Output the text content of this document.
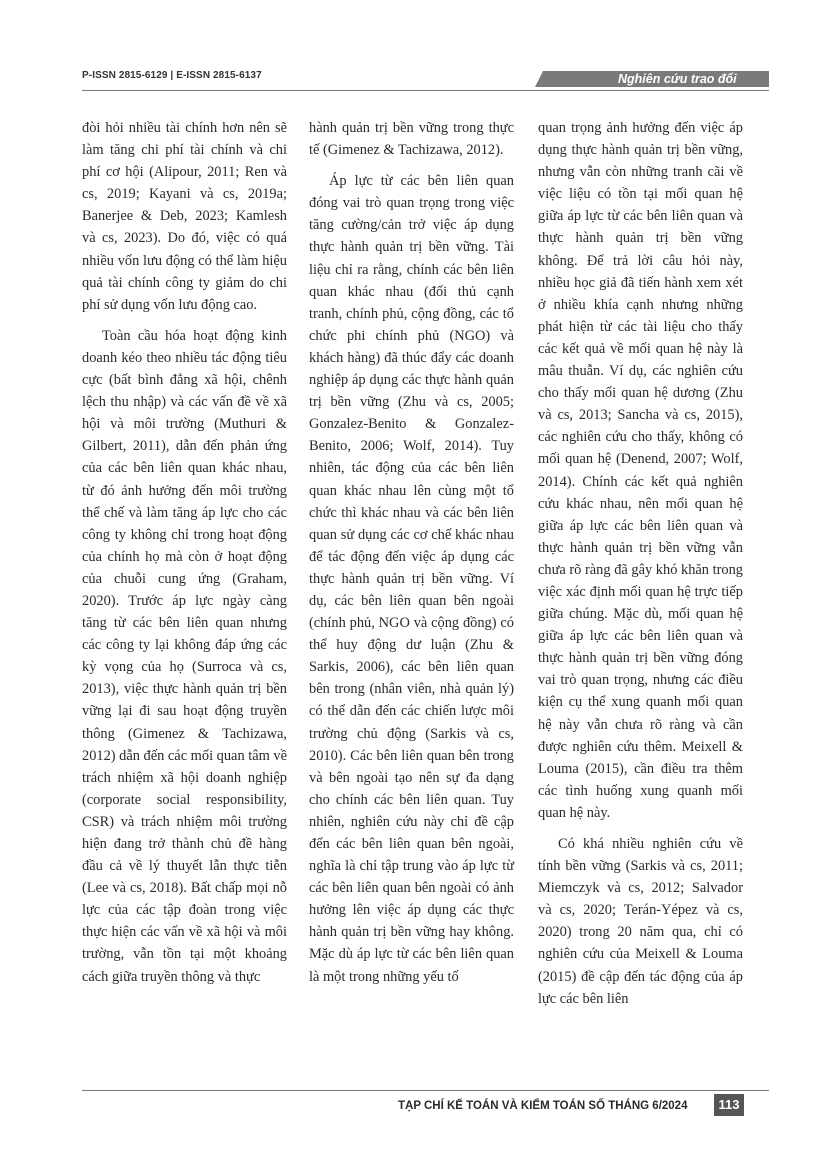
P-ISSN 2815-6129 | E-ISSN 2815-6137	Nghiên cứu trao đổi

đòi hỏi nhiều tài chính hơn nên sẽ làm tăng chi phí tài chính và chi phí cơ hội (Alipour, 2011; Ren và cs, 2019; Kayani và cs, 2019a; Banerjee & Deb, 2023; Kamlesh và cs, 2023). Do đó, việc có quá nhiều vốn lưu động có thể làm hiệu quả tài chính công ty giảm do chi phí sử dụng vốn lưu động cao.

Toàn cầu hóa hoạt động kinh doanh kéo theo nhiều tác động tiêu cực (bất bình đẳng xã hội, chênh lệch thu nhập) và các vấn đề về xã hội và môi trường (Muthuri & Gilbert, 2011), dẫn đến phản ứng của các bên liên quan khác nhau, từ đó ảnh hưởng đến môi trường thể chế và làm tăng áp lực cho các công ty không chỉ trong hoạt động của chính họ mà còn ở hoạt động của chuỗi cung ứng (Graham, 2020). Trước áp lực ngày càng tăng từ các bên liên quan nhưng các công ty lại không đáp ứng các kỳ vọng của họ (Surroca và cs, 2013), việc thực hành quản trị bền vững lại đi sau hoạt động truyền thông (Gimenez & Tachizawa, 2012) dẫn đến các mối quan tâm về trách nhiệm xã hội doanh nghiệp (corporate social responsibility, CSR) và trách nhiệm môi trường hiện đang trở thành chủ đề hàng đầu cả về lý thuyết lẫn thực tiễn (Lee và cs, 2018). Bất chấp mọi nỗ lực của các tập đoàn trong việc thực hiện các vấn về xã hội và môi trường, vẫn tồn tại một khoảng cách giữa truyền thông và thực

hành quản trị bền vững trong thực tế (Gimenez & Tachizawa, 2012).

Áp lực từ các bên liên quan đóng vai trò quan trọng trong việc tăng cường/cản trở việc áp dụng thực hành quản trị bền vững. Tài liệu chỉ ra rằng, chính các bên liên quan khác nhau (đối thủ cạnh tranh, chính phủ, cộng đồng, các tổ chức phi chính phủ (NGO) và khách hàng) đã thúc đẩy các doanh nghiệp áp dụng các thực hành quản trị bền vững (Zhu và cs, 2005; Gonzalez-Benito & Gonzalez-Benito, 2006; Wolf, 2014). Tuy nhiên, tác động của các bên liên quan khác nhau lên cùng một tổ chức thì khác nhau và các bên liên quan sử dụng các cơ chế khác nhau để tác động đến việc áp dụng các thực hành quản trị bền vững. Ví dụ, các bên liên quan bên ngoài (chính phủ, NGO và cộng đồng) có thể huy động dư luận (Zhu & Sarkis, 2006), các bên liên quan bên trong (nhân viên, nhà quản lý) có thể dẫn đến các chiến lược môi trường chủ động (Sarkis và cs, 2010). Các bên liên quan bên trong và bên ngoài tạo nên sự đa dạng cho chính các bên liên quan. Tuy nhiên, nghiên cứu này chỉ đề cập đến các bên liên quan bên ngoài, nghĩa là chỉ tập trung vào áp lực từ các bên liên quan bên ngoài có ảnh hưởng lên việc áp dụng các thực hành quản trị bền vững hay không. Mặc dù áp lực từ các bên liên quan là một trong những yếu tố

quan trọng ảnh hưởng đến việc áp dụng thực hành quản trị bền vững, nhưng vẫn còn những tranh cãi về việc liệu có tồn tại mối quan hệ giữa áp lực từ các bên liên quan và thực hành quản trị bền vững không. Để trả lời câu hỏi này, nhiều học giả đã tiến hành xem xét ở nhiều khía cạnh nhưng những phát hiện từ các tài liệu cho thấy các kết quả về mối quan hệ này là mâu thuẫn. Ví dụ, các nghiên cứu cho thấy mối quan hệ dương (Zhu và cs, 2013; Sancha và cs, 2015), các nghiên cứu cho thấy, không có mối quan hệ (Denend, 2007; Wolf, 2014). Chính các kết quả nghiên cứu khác nhau, nên mối quan hệ giữa áp lực các bên liên quan và thực hành quản trị bền vững vẫn chưa rõ ràng đã gây khó khăn trong việc xác định mối quan hệ trực tiếp giữa chúng. Mặc dù, mối quan hệ giữa áp lực các bên liên quan và thực hành quản trị bền vững đóng vai trò quan trọng, nhưng các điều kiện cụ thể xung quanh mối quan hệ này vẫn chưa rõ ràng và cần được nghiên cứu thêm. Meixell & Louma (2015), cần điều tra thêm các tình huống xung quanh mối quan hệ này.

Có khá nhiều nghiên cứu về tính bền vững (Sarkis và cs, 2011; Miemczyk và cs, 2012; Salvador và cs, 2020; Terán-Yépez và cs, 2020) trong 20 năm qua, chỉ có nghiên cứu của Meixell & Louma (2015) đề cập đến tác động của áp lực các bên liên

TẠP CHÍ KẾ TOÁN VÀ KIỂM TOÁN SỐ THÁNG 6/2024	113
